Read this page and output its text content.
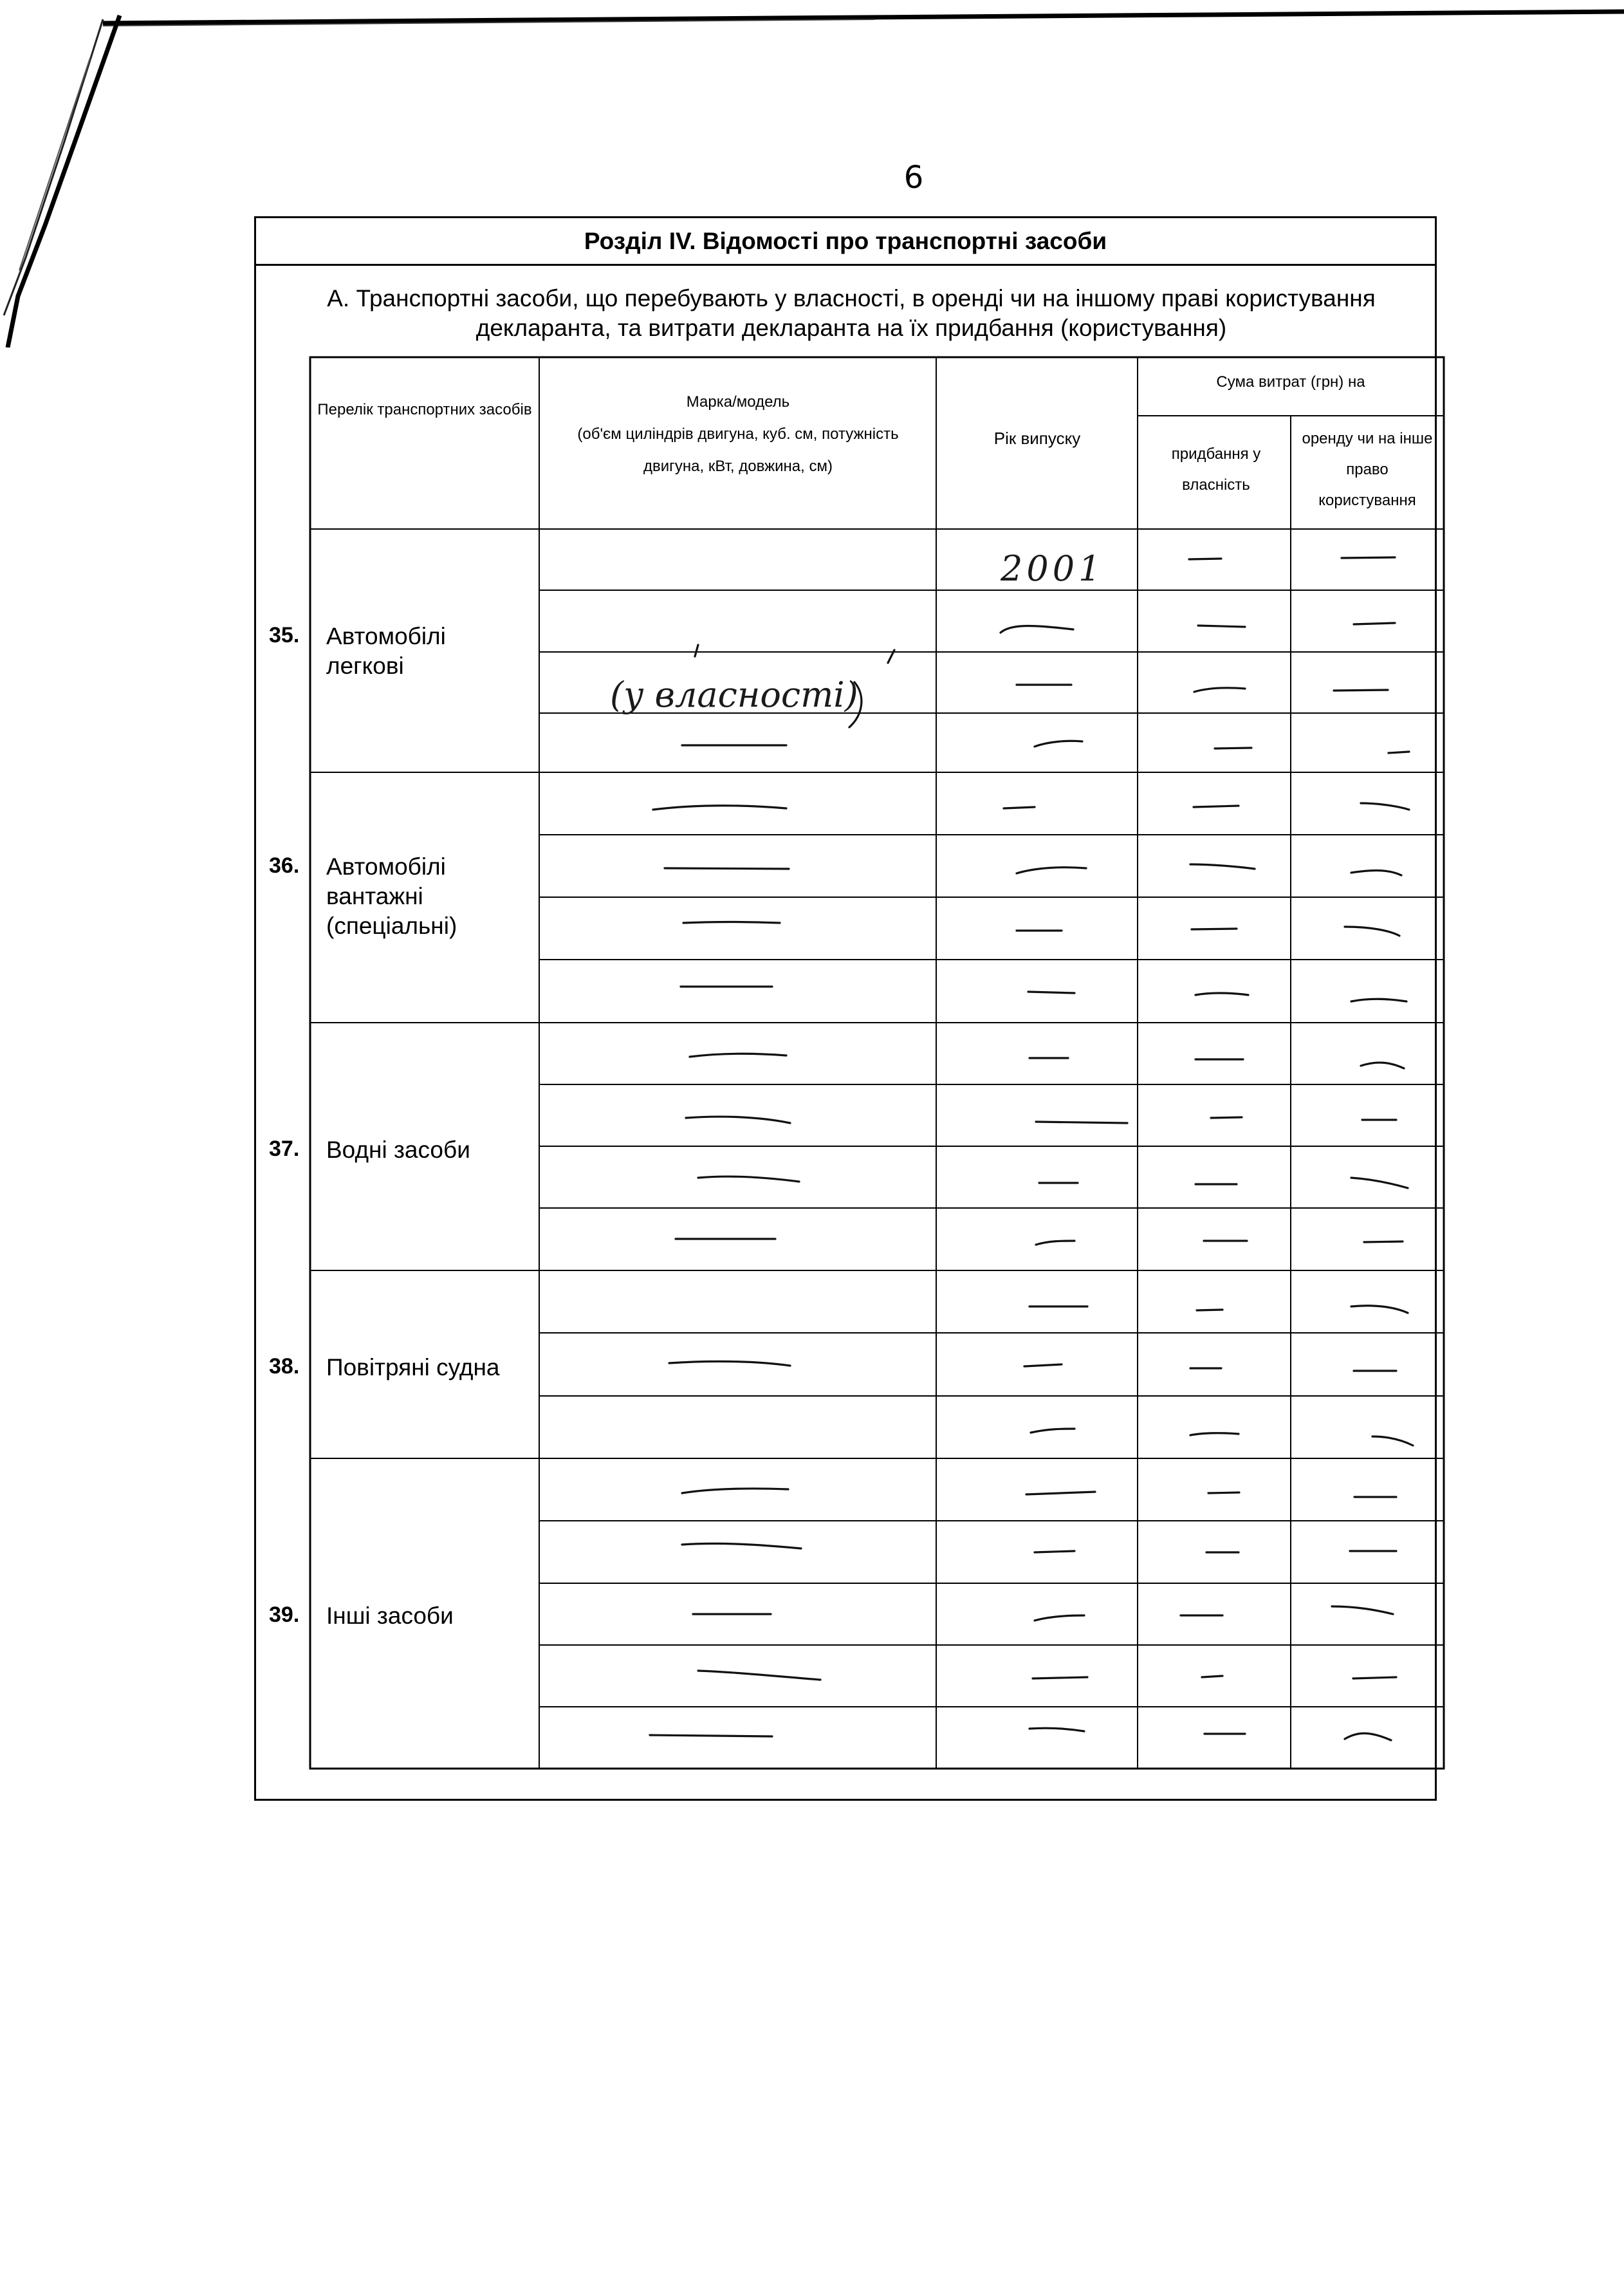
6
Розділ IV. Відомості про транспортні засоби
А. Транспортні засоби, що перебувають у власності, в оренді чи на іншому праві користування декларанта, та витрати декларанта на їх придбання (користування)
Перелік транспортних засобів	Марка/модель
(об'єм циліндрів двигуна, куб. см, потужність двигуна, кВт, довжина, см)
Рік випуску
Сума витрат (грн) на
придбання у власність
оренду чи на інше право користування
35. Автомобілі легкові
36. Автомобілі вантажні (спеціальні)
37. Водні засоби
38. Повітряні судна
39. Інші засоби
2001
(у власності)
